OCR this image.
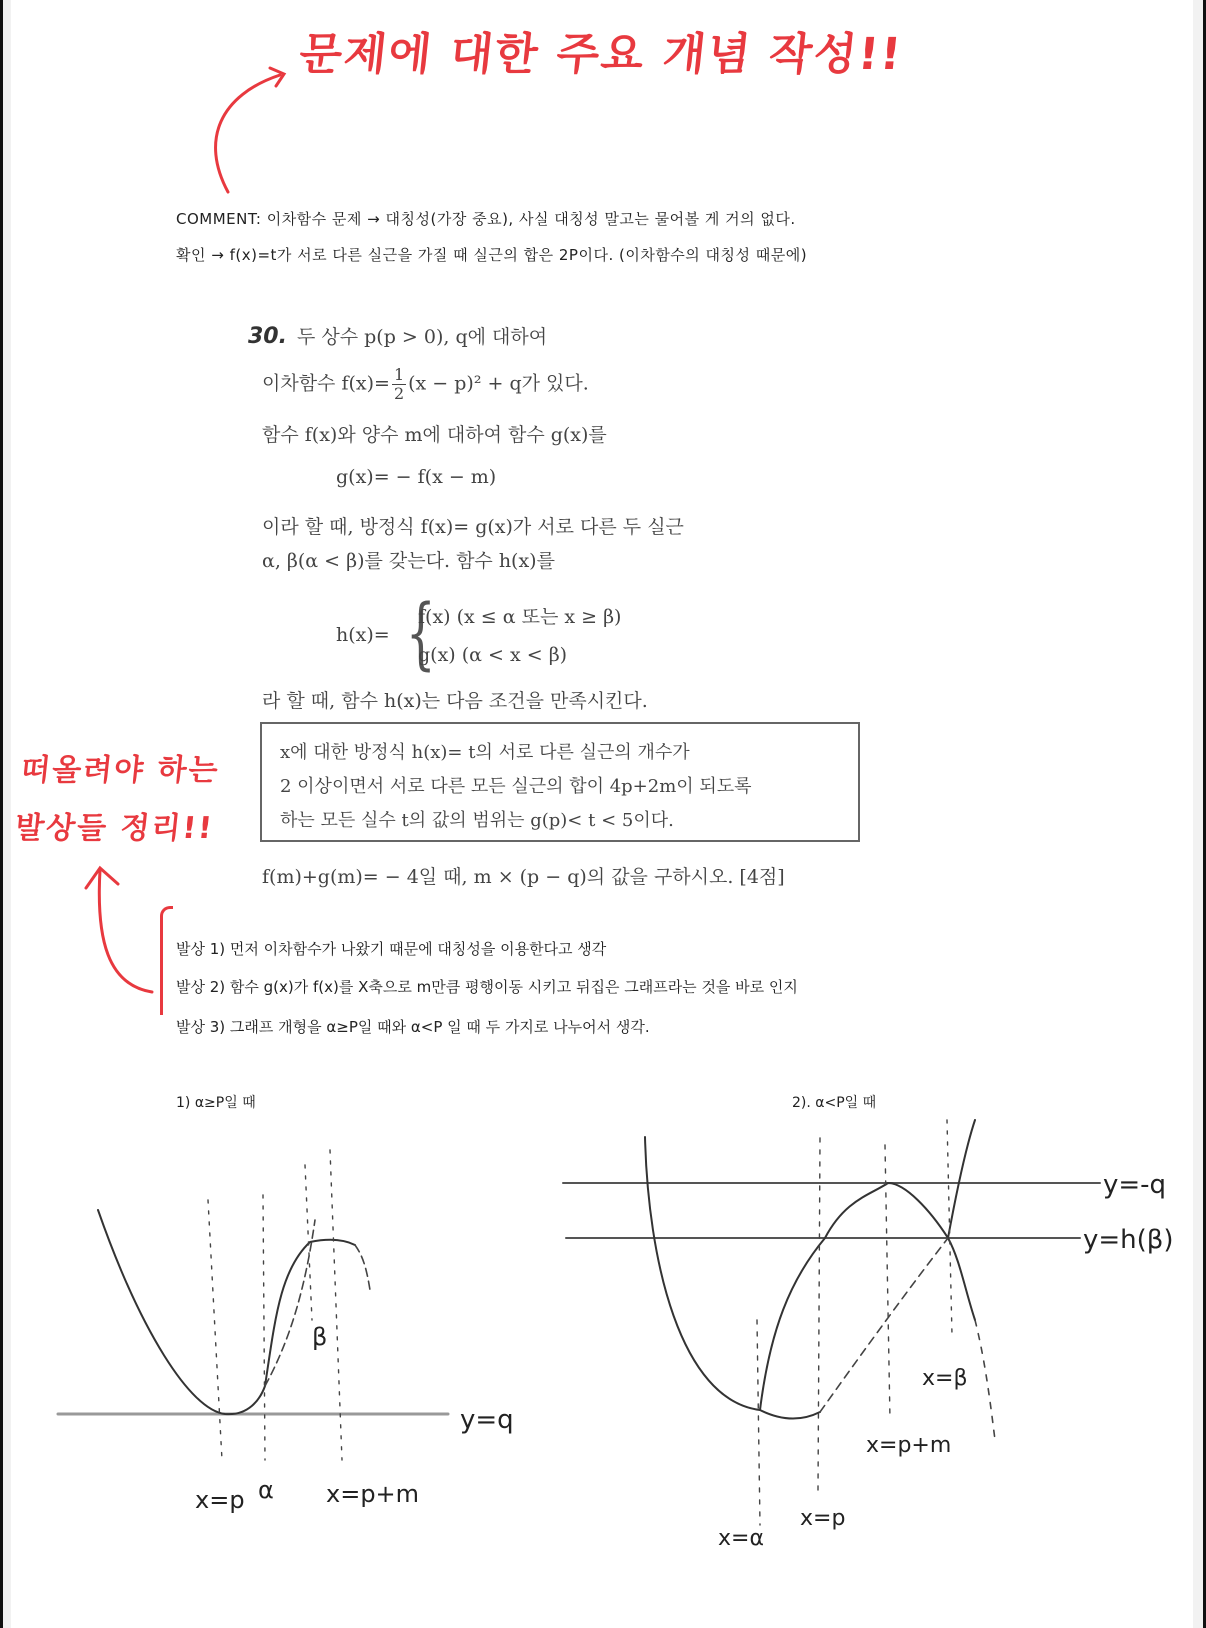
문제에 대한 주요 개념 작성!!
COMMENT: 이차함수 문제 → 대칭성(가장 중요), 사실 대칭성 말고는 물어볼 게 거의 없다.
확인 → f(x)=t가 서로 다른 실근을 가질 때 실근의 합은 2P이다. (이차함수의 대칭성 때문에)
떠올려야 하는
발상들 정리!!
30. 두 상수 p(p > 0), q에 대하여
이차함수 $f(x)= \frac{1}{2} (x - p)^2 + q$가 있다.
함수 f(x)와 양수 m에 대하여 함수 g(x)를
g(x)= − f(x − m)
이라 할 때, 방정식 f(x)= g(x)가 서로 다른 두 실근
α, β(α < β)를 갖는다. 함수 h(x)를
h(x)= {
f(x) (x ≤ α 또는 x ≥ β)
g(x) (α < x < β)
라 할 때, 함수 h(x)는 다음 조건을 만족시킨다.
x에 대한 방정식 h(x)= t의 서로 다른 실근의 개수가
2 이상이면서 서로 다른 모든 실근의 합이 4p+2m이 되도록
하는 모든 실수 t의 값의 범위는 g(p)< t < 5이다.
f(m)+g(m)= − 4일 때, m × (p − q)의 값을 구하시오. [4점]
발상 1) 먼저 이차함수가 나왔기 때문에 대칭성을 이용한다고 생각
발상 2) 함수 g(x)가 f(x)를 X축으로 m만큼 평행이동 시키고 뒤집은 그래프라는 것을 바로 인지
발상 3) 그래프 개형을 α≥P일 때와 α<P 일 때 두 가지로 나누어서 생각.
1) α≥P일 때	2). α<P일 때
y=q
x=p α x=p+m
β
y=-q
y=h(β)
x=α
x=p
x=p+m
x=β
